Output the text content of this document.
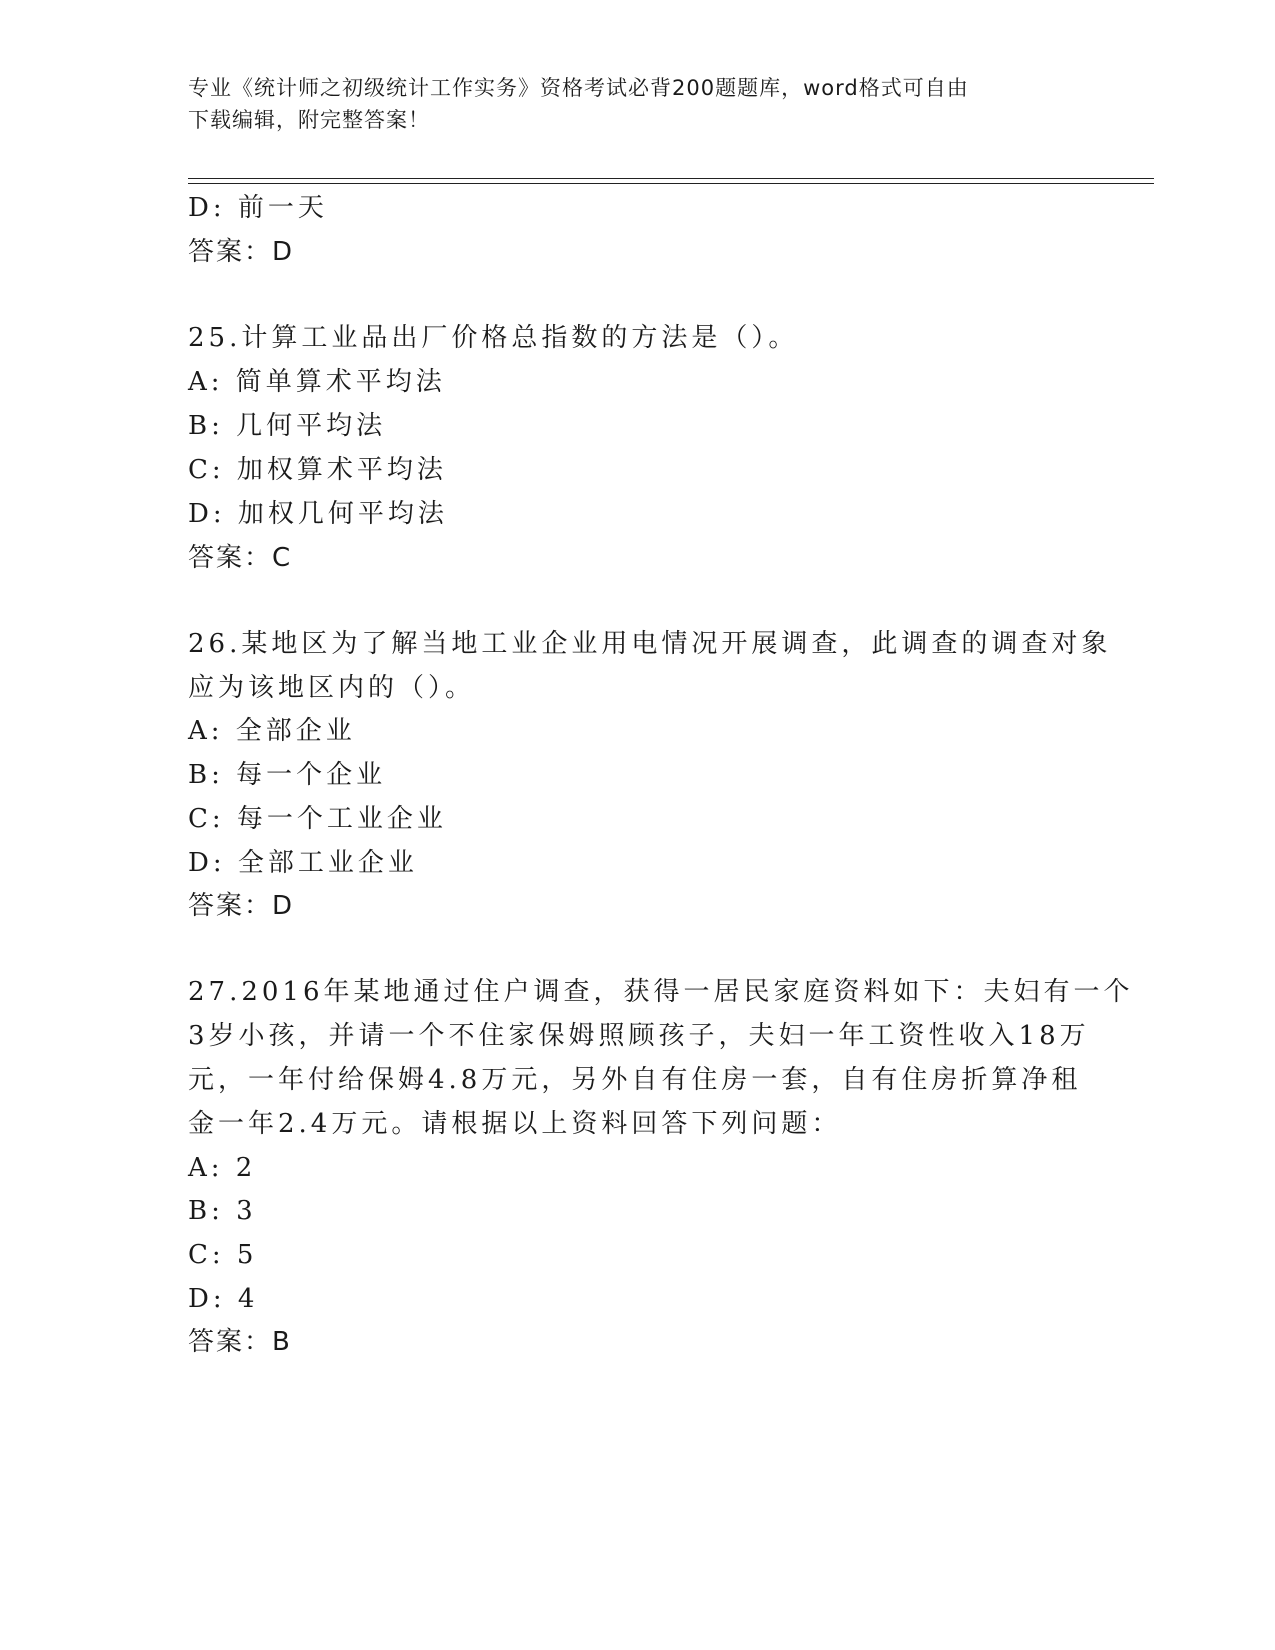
专业《统计师之初级统计工作实务》资格考试必背200题题库，word格式可自由
下载编辑，附完整答案！
D: 前一天
答案：D
25.计算工业品出厂价格总指数的方法是（）。
A: 简单算术平均法
B: 几何平均法
C: 加权算术平均法
D: 加权几何平均法
答案：C
26.某地区为了解当地工业企业用电情况开展调查，此调查的调查对象
应为该地区内的（）。
A: 全部企业
B: 每一个企业
C: 每一个工业企业
D: 全部工业企业
答案：D
27.2016年某地通过住户调查，获得一居民家庭资料如下：夫妇有一个
3岁小孩，并请一个不住家保姆照顾孩子，夫妇一年工资性收入18万
元，一年付给保姆4.8万元，另外自有住房一套，自有住房折算净租
金一年2.4万元。请根据以上资料回答下列问题：
A: 2
B: 3
C: 5
D: 4
答案：B
